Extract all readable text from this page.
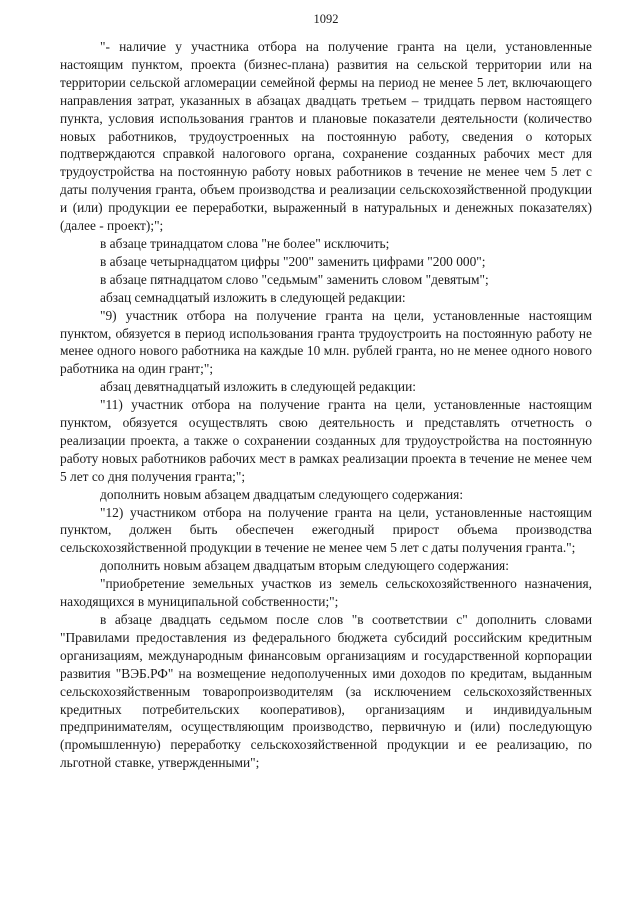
1092

"- наличие у участника отбора на получение гранта на цели, установленные настоящим пунктом, проекта (бизнес-плана) развития на сельской территории или на территории сельской агломерации семейной фермы на период не менее 5 лет, включающего направления затрат, указанных в абзацах двадцать третьем – тридцать первом настоящего пункта, условия использования грантов и плановые показатели деятельности (количество новых работников, трудоустроенных на постоянную работу, сведения о которых подтверждаются справкой налогового органа, сохранение созданных рабочих мест для трудоустройства на постоянную работу новых работников в течение не менее чем 5 лет с даты получения гранта, объем производства и реализации сельскохозяйственной продукции и (или) продукции ее переработки, выраженный в натуральных и денежных показателях) (далее - проект);";

в абзаце тринадцатом слова "не более" исключить;

в абзаце четырнадцатом цифры "200" заменить цифрами "200 000";

в абзаце пятнадцатом слово "седьмым" заменить словом "девятым";

абзац семнадцатый изложить в следующей редакции:

"9) участник отбора на получение гранта на цели, установленные настоящим пунктом, обязуется в период использования гранта трудоустроить на постоянную работу не менее одного нового работника на каждые 10 млн. рублей гранта, но не менее одного нового работника на один грант;";

абзац девятнадцатый изложить в следующей редакции:

"11) участник отбора на получение гранта на цели, установленные настоящим пунктом, обязуется осуществлять свою деятельность и представлять отчетность о реализации проекта, а также о сохранении созданных для трудоустройства на постоянную работу новых работников рабочих мест в рамках реализации проекта в течение не менее чем 5 лет со дня получения гранта;";

дополнить новым абзацем двадцатым следующего содержания:

"12) участником отбора на получение гранта на цели, установленные настоящим пунктом, должен быть обеспечен ежегодный прирост объема производства сельскохозяйственной продукции в течение не менее чем 5 лет с даты получения гранта.";

дополнить новым абзацем двадцатым вторым следующего содержания:

"приобретение земельных участков из земель сельскохозяйственного назначения, находящихся в муниципальной собственности;";

в абзаце двадцать седьмом после слов "в соответствии с" дополнить словами "Правилами предоставления из федерального бюджета субсидий российским кредитным организациям, международным финансовым организациям и государственной корпорации развития "ВЭБ.РФ" на возмещение недополученных ими доходов по кредитам, выданным сельскохозяйственным товаропроизводителям (за исключением сельскохозяйственных кредитных потребительских кооперативов), организациям и индивидуальным предпринимателям, осуществляющим производство, первичную и (или) последующую (промышленную) переработку сельскохозяйственной продукции и ее реализацию, по льготной ставке, утвержденными";
